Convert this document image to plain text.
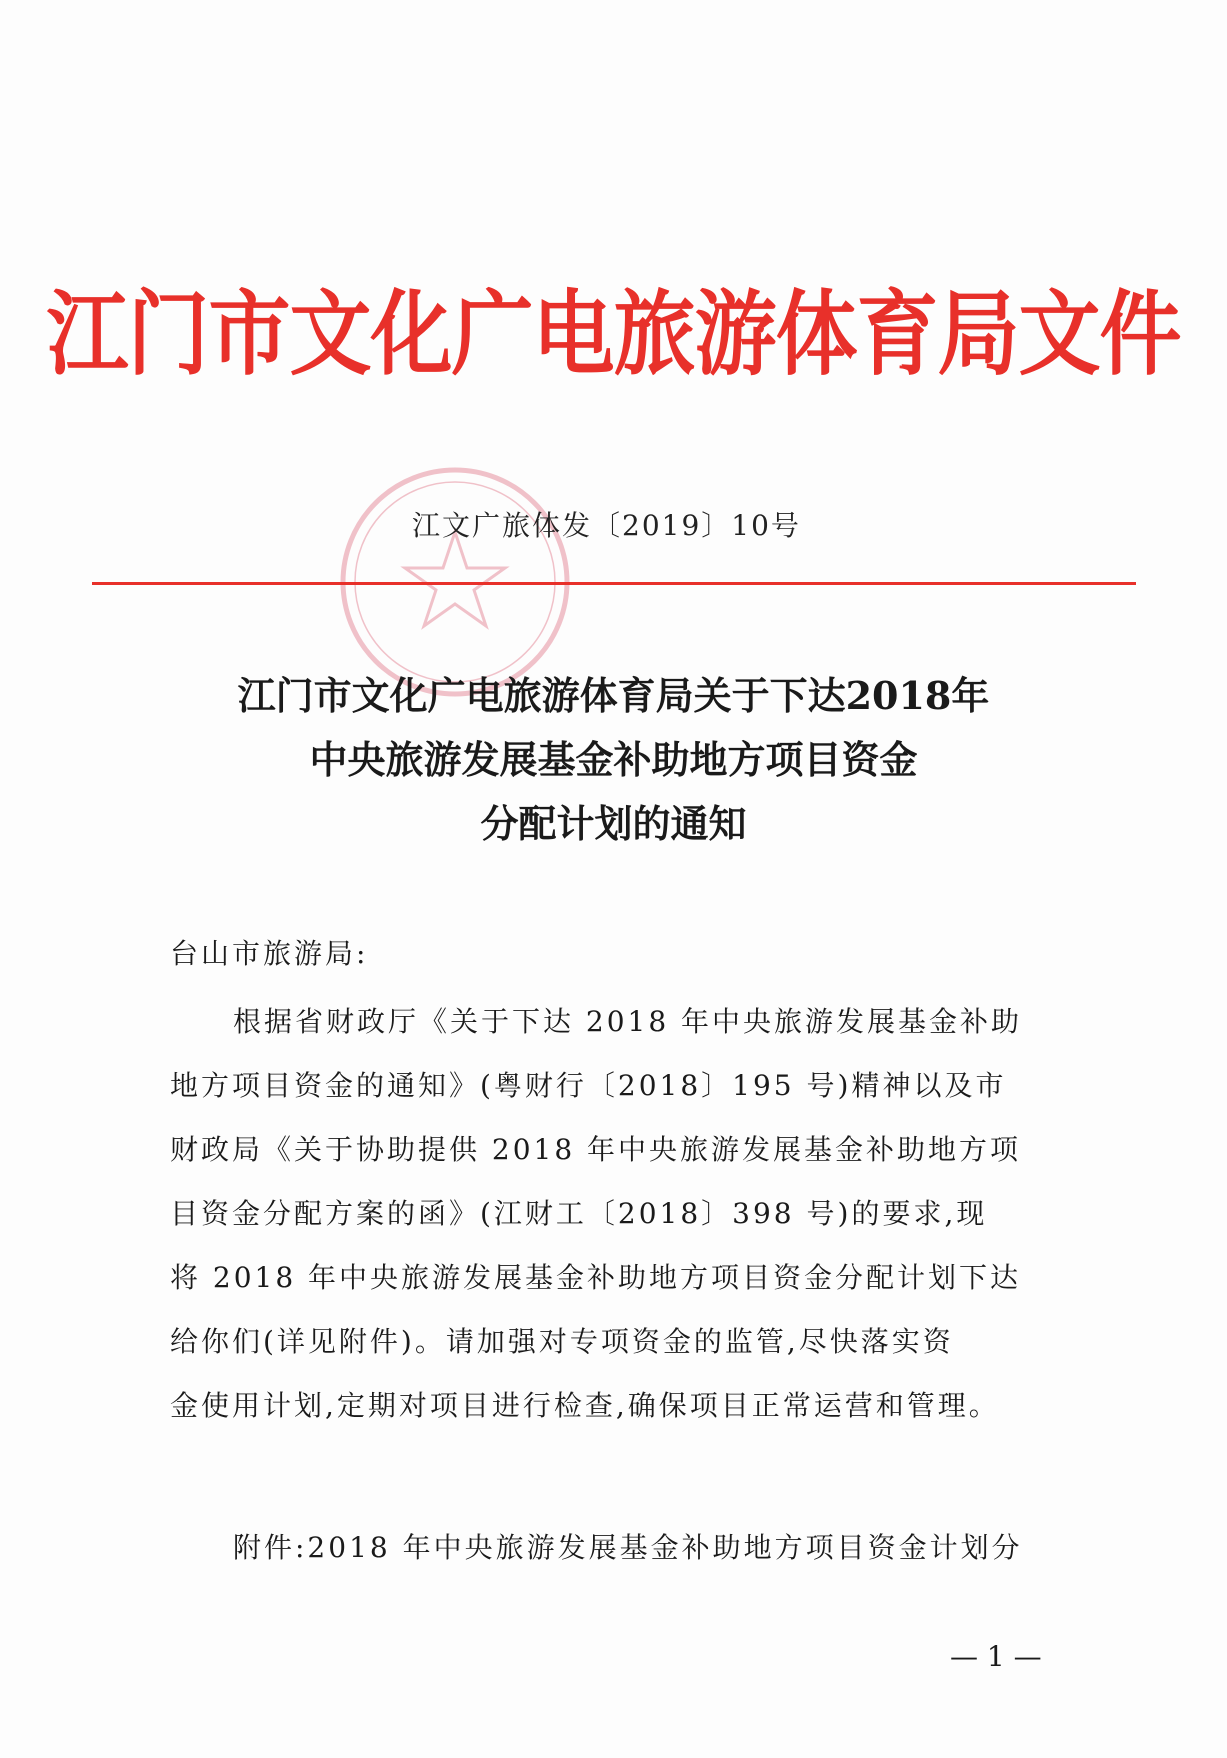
江门市文化广电旅游体育局文件
江文广旅体发〔2019〕10号
江门市文化广电旅游体育局关于下达2018年
中央旅游发展基金补助地方项目资金
分配计划的通知
台山市旅游局:
根据省财政厅《关于下达 2018 年中央旅游发展基金补助
地方项目资金的通知》(粤财行〔2018〕195 号)精神以及市
财政局《关于协助提供 2018 年中央旅游发展基金补助地方项
目资金分配方案的函》(江财工〔2018〕398 号)的要求,现
将 2018 年中央旅游发展基金补助地方项目资金分配计划下达
给你们(详见附件)。请加强对专项资金的监管,尽快落实资
金使用计划,定期对项目进行检查,确保项目正常运营和管理。
附件:2018 年中央旅游发展基金补助地方项目资金计划分
— 1 —
